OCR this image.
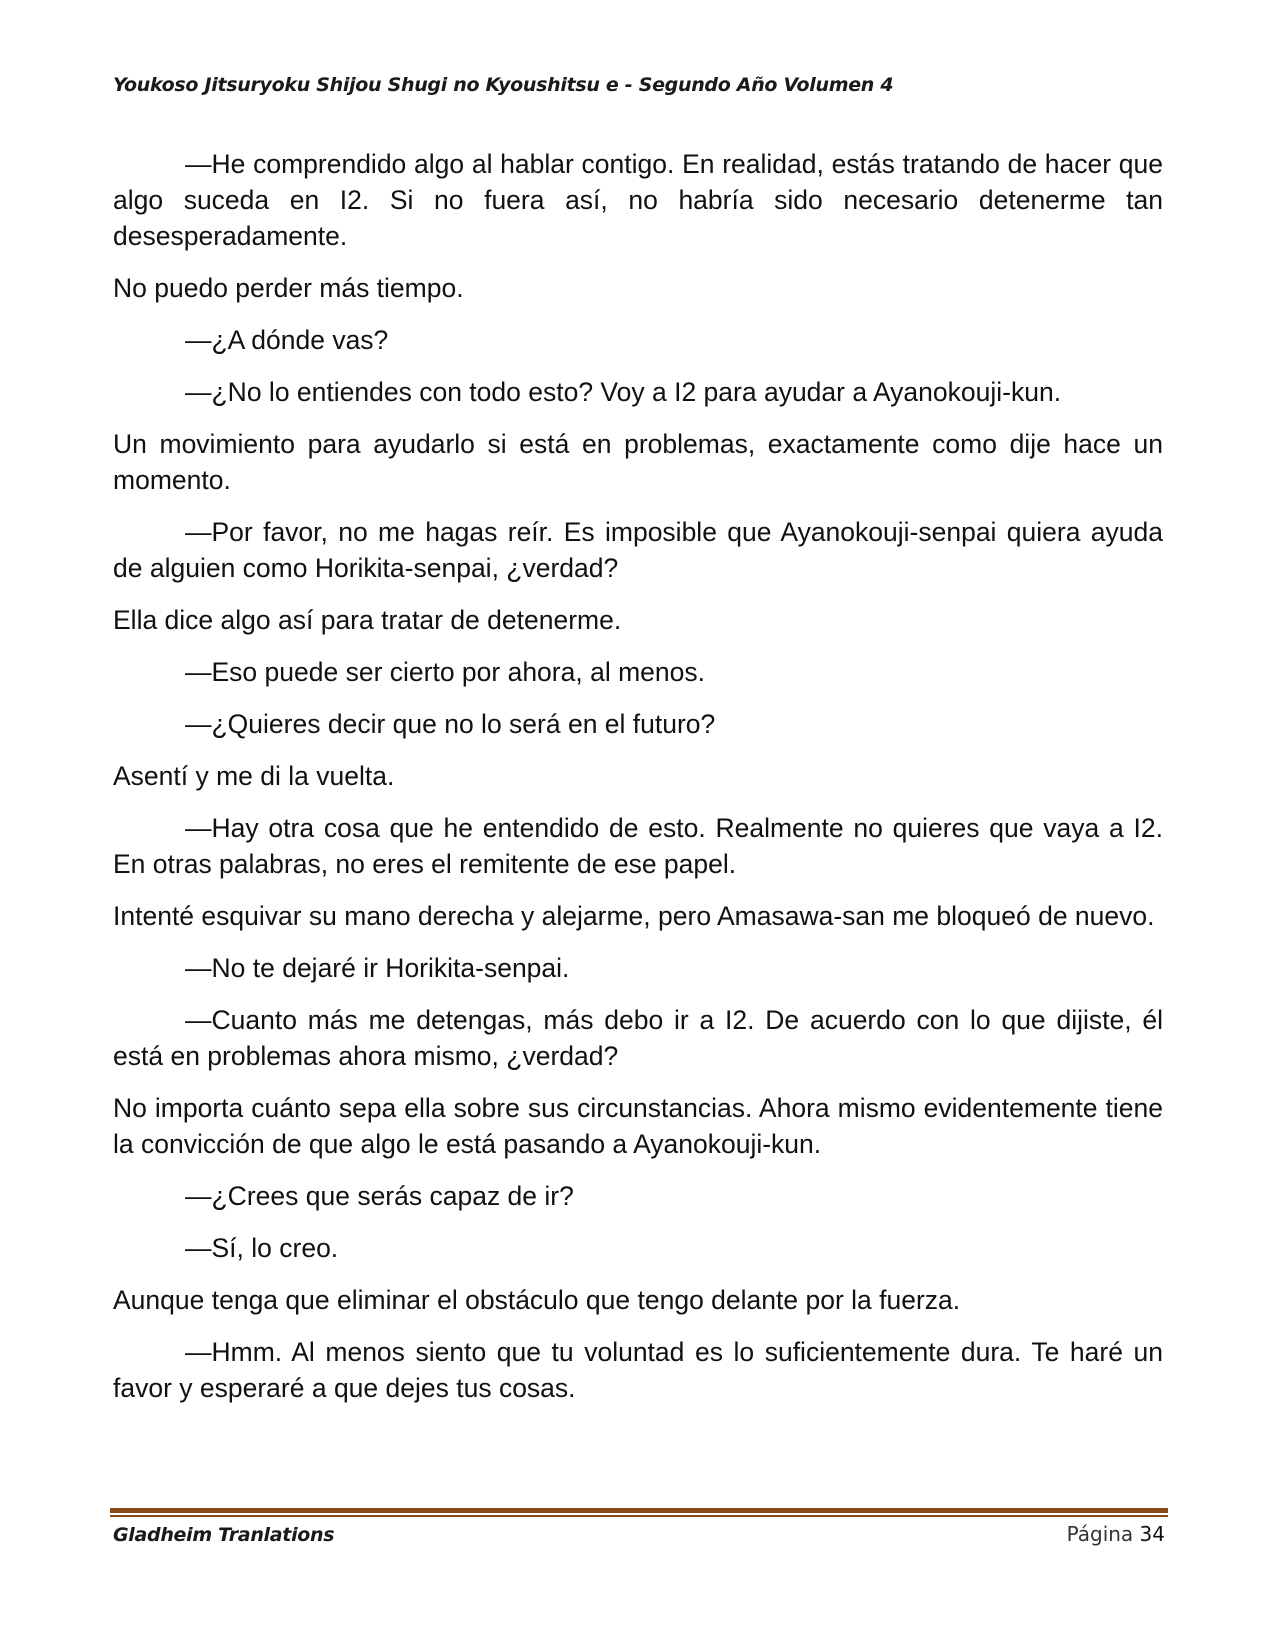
Youkoso Jitsuryoku Shijou Shugi no Kyoushitsu e - Segundo Año Volumen 4

—He comprendido algo al hablar contigo. En realidad, estás tratando de hacer que algo suceda en I2. Si no fuera así, no habría sido necesario detenerme tan desesperadamente.

No puedo perder más tiempo.

—¿A dónde vas?

—¿No lo entiendes con todo esto? Voy a I2 para ayudar a Ayanokouji-kun.

Un movimiento para ayudarlo si está en problemas, exactamente como dije hace un momento.

—Por favor, no me hagas reír. Es imposible que Ayanokouji-senpai quiera ayuda de alguien como Horikita-senpai, ¿verdad?

Ella dice algo así para tratar de detenerme.

—Eso puede ser cierto por ahora, al menos.

—¿Quieres decir que no lo será en el futuro?

Asentí y me di la vuelta.

—Hay otra cosa que he entendido de esto. Realmente no quieres que vaya a I2. En otras palabras, no eres el remitente de ese papel.

Intenté esquivar su mano derecha y alejarme, pero Amasawa-san me bloqueó de nuevo.

—No te dejaré ir Horikita-senpai.

—Cuanto más me detengas, más debo ir a I2. De acuerdo con lo que dijiste, él está en problemas ahora mismo, ¿verdad?

No importa cuánto sepa ella sobre sus circunstancias. Ahora mismo evidentemente tiene la convicción de que algo le está pasando a Ayanokouji-kun.

—¿Crees que serás capaz de ir?

—Sí, lo creo.

Aunque tenga que eliminar el obstáculo que tengo delante por la fuerza.

—Hmm. Al menos siento que tu voluntad es lo suficientemente dura. Te haré un favor y esperaré a que dejes tus cosas.

Gladheim Tranlations	Página 34
